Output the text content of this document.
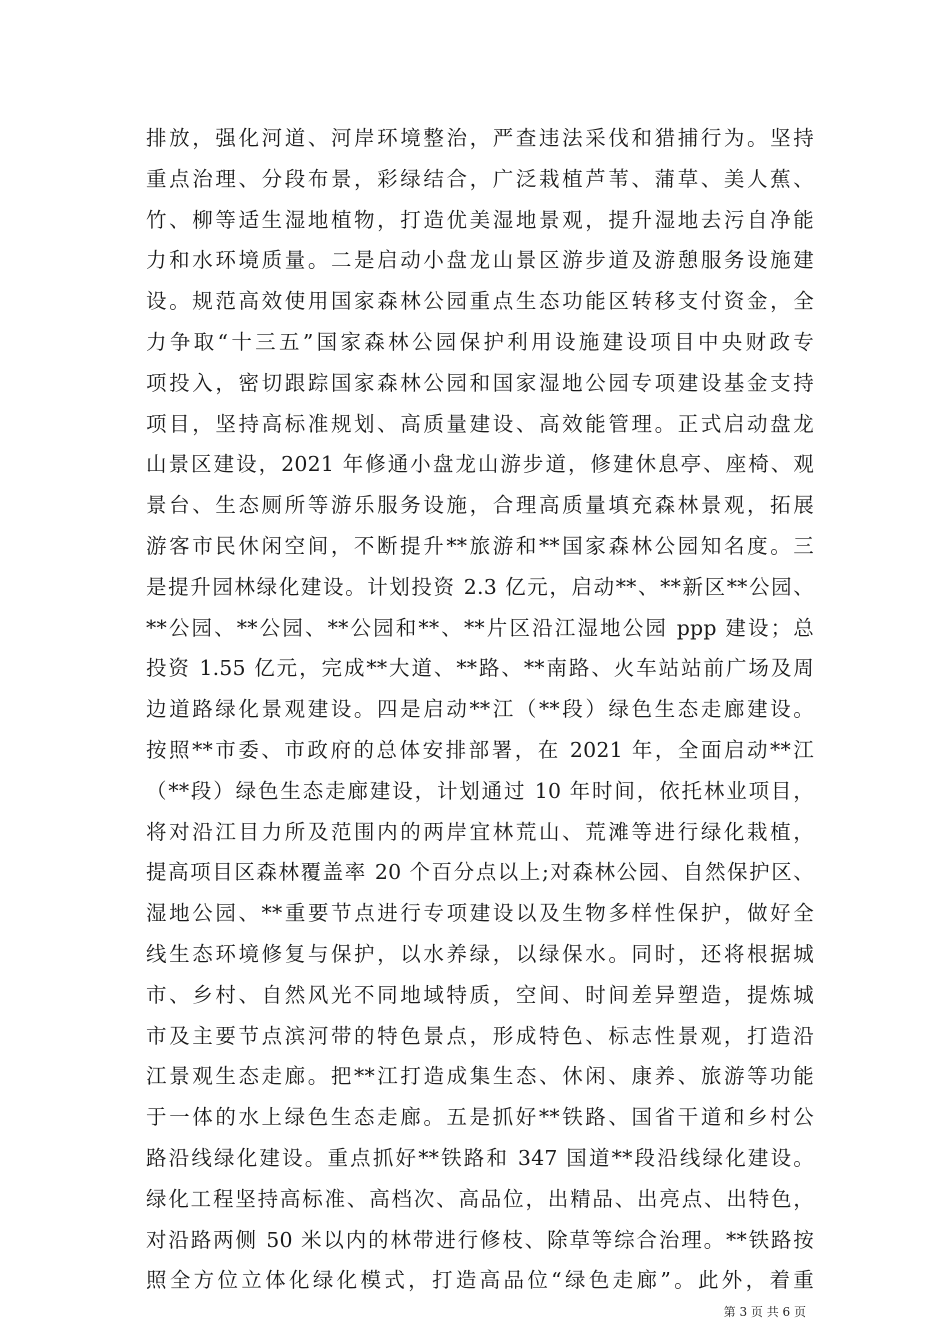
排放，强化河道、河岸环境整治，严查违法采伐和猎捕行为。坚持
重点治理、分段布景，彩绿结合，广泛栽植芦苇、蒲草、美人蕉、
竹、柳等适生湿地植物，打造优美湿地景观，提升湿地去污自净能
力和水环境质量。二是启动小盘龙山景区游步道及游憩服务设施建
设。规范高效使用国家森林公园重点生态功能区转移支付资金，全
力争取“十三五”国家森林公园保护利用设施建设项目中央财政专
项投入，密切跟踪国家森林公园和国家湿地公园专项建设基金支持
项目，坚持高标准规划、高质量建设、高效能管理。正式启动盘龙
山景区建设，2021 年修通小盘龙山游步道，修建休息亭、座椅、观
景台、生态厕所等游乐服务设施，合理高质量填充森林景观，拓展
游客市民休闲空间，不断提升**旅游和**国家森林公园知名度。三
是提升园林绿化建设。计划投资 2.3 亿元，启动**、**新区**公园、
**公园、**公园、**公园和**、**片区沿江湿地公园 ppp 建设；总
投资 1.55 亿元，完成**大道、**路、**南路、火车站站前广场及周
边道路绿化景观建设。四是启动**江（**段）绿色生态走廊建设。
按照**市委、市政府的总体安排部署，在 2021 年，全面启动**江
（**段）绿色生态走廊建设，计划通过 10 年时间，依托林业项目，
将对沿江目力所及范围内的两岸宜林荒山、荒滩等进行绿化栽植，
提高项目区森林覆盖率 20 个百分点以上;对森林公园、自然保护区、
湿地公园、**重要节点进行专项建设以及生物多样性保护，做好全
线生态环境修复与保护，以水养绿，以绿保水。同时，还将根据城
市、乡村、自然风光不同地域特质，空间、时间差异塑造，提炼城
市及主要节点滨河带的特色景点，形成特色、标志性景观，打造沿
江景观生态走廊。把**江打造成集生态、休闲、康养、旅游等功能
于一体的水上绿色生态走廊。五是抓好**铁路、国省干道和乡村公
路沿线绿化建设。重点抓好**铁路和 347 国道**段沿线绿化建设。
绿化工程坚持高标准、高档次、高品位，出精品、出亮点、出特色，
对沿路两侧 50 米以内的林带进行修枝、除草等综合治理。**铁路按
照全方位立体化绿化模式，打造高品位“绿色走廊”。此外，着重
第 3 页 共 6 页
